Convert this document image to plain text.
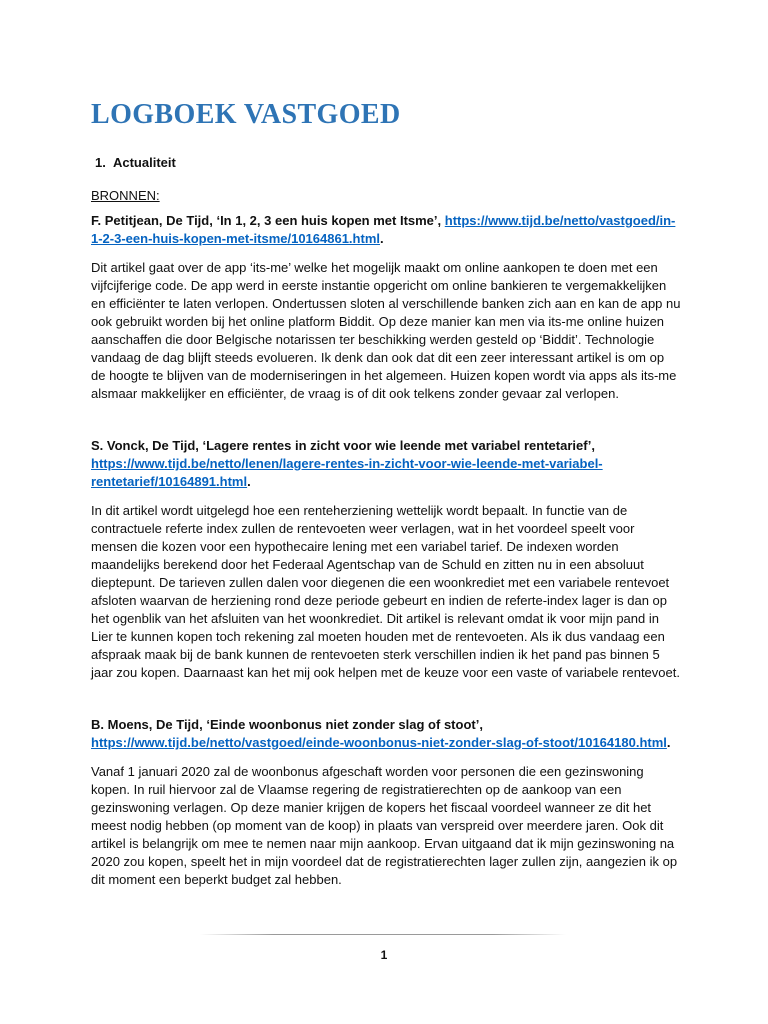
LOGBOEK VASTGOED
1. Actualiteit
BRONNEN:
F. Petitjean, De Tijd, ‘In 1, 2, 3 een huis kopen met Itsme’, https://www.tijd.be/netto/vastgoed/in-1-2-3-een-huis-kopen-met-itsme/10164861.html.

Dit artikel gaat over de app ‘its-me’ welke het mogelijk maakt om online aankopen te doen met een vijfcijferige code. De app werd in eerste instantie opgericht om online bankieren te vergemakkelijken en efficiënter te laten verlopen. Ondertussen sloten al verschillende banken zich aan en kan de app nu ook gebruikt worden bij het online platform Biddit. Op deze manier kan men via its-me online huizen aanschaffen die door Belgische notarissen ter beschikking werden gesteld op ‘Biddit’. Technologie vandaag de dag blijft steeds evolueren. Ik denk dan ook dat dit een zeer interessant artikel is om op de hoogte te blijven van de moderniseringen in het algemeen. Huizen kopen wordt via apps als its-me alsmaar makkelijker en efficiënter, de vraag is of dit ook telkens zonder gevaar zal verlopen.

S. Vonck, De Tijd, ‘Lagere rentes in zicht voor wie leende met variabel rentetarief’, https://www.tijd.be/netto/lenen/lagere-rentes-in-zicht-voor-wie-leende-met-variabel-rentetarief/10164891.html.

In dit artikel wordt uitgelegd hoe een renteherziening wettelijk wordt bepaalt. In functie van de contractuele referte index zullen de rentevoeten weer verlagen, wat in het voordeel speelt voor mensen die kozen voor een hypothecaire lening met een variabel tarief. De indexen worden maandelijks berekend door het Federaal Agentschap van de Schuld en zitten nu in een absoluut dieptepunt. De tarieven zullen dalen voor diegenen die een woonkrediet met een variabele rentevoet afsloten waarvan de herziening rond deze periode gebeurt en indien de referte-index lager is dan op het ogenblik van het afsluiten van het woonkrediet. Dit artikel is relevant omdat ik voor mijn pand in Lier te kunnen kopen toch rekening zal moeten houden met de rentevoeten. Als ik dus vandaag een afspraak maak bij de bank kunnen de rentevoeten sterk verschillen indien ik het pand pas binnen 5 jaar zou kopen. Daarnaast kan het mij ook helpen met de keuze voor een vaste of variabele rentevoet.

B. Moens, De Tijd, ‘Einde woonbonus niet zonder slag of stoot’, https://www.tijd.be/netto/vastgoed/einde-woonbonus-niet-zonder-slag-of-stoot/10164180.html.

Vanaf 1 januari 2020 zal de woonbonus afgeschaft worden voor personen die een gezinswoning kopen. In ruil hiervoor zal de Vlaamse regering de registratierechten op de aankoop van een gezinswoning verlagen. Op deze manier krijgen de kopers het fiscaal voordeel wanneer ze dit het meest nodig hebben (op moment van de koop) in plaats van verspreid over meerdere jaren. Ook dit artikel is belangrijk om mee te nemen naar mijn aankoop. Ervan uitgaand dat ik mijn gezinswoning na 2020 zou kopen, speelt het in mijn voordeel dat de registratierechten lager zullen zijn, aangezien ik op dit moment een beperkt budget zal hebben.

1
